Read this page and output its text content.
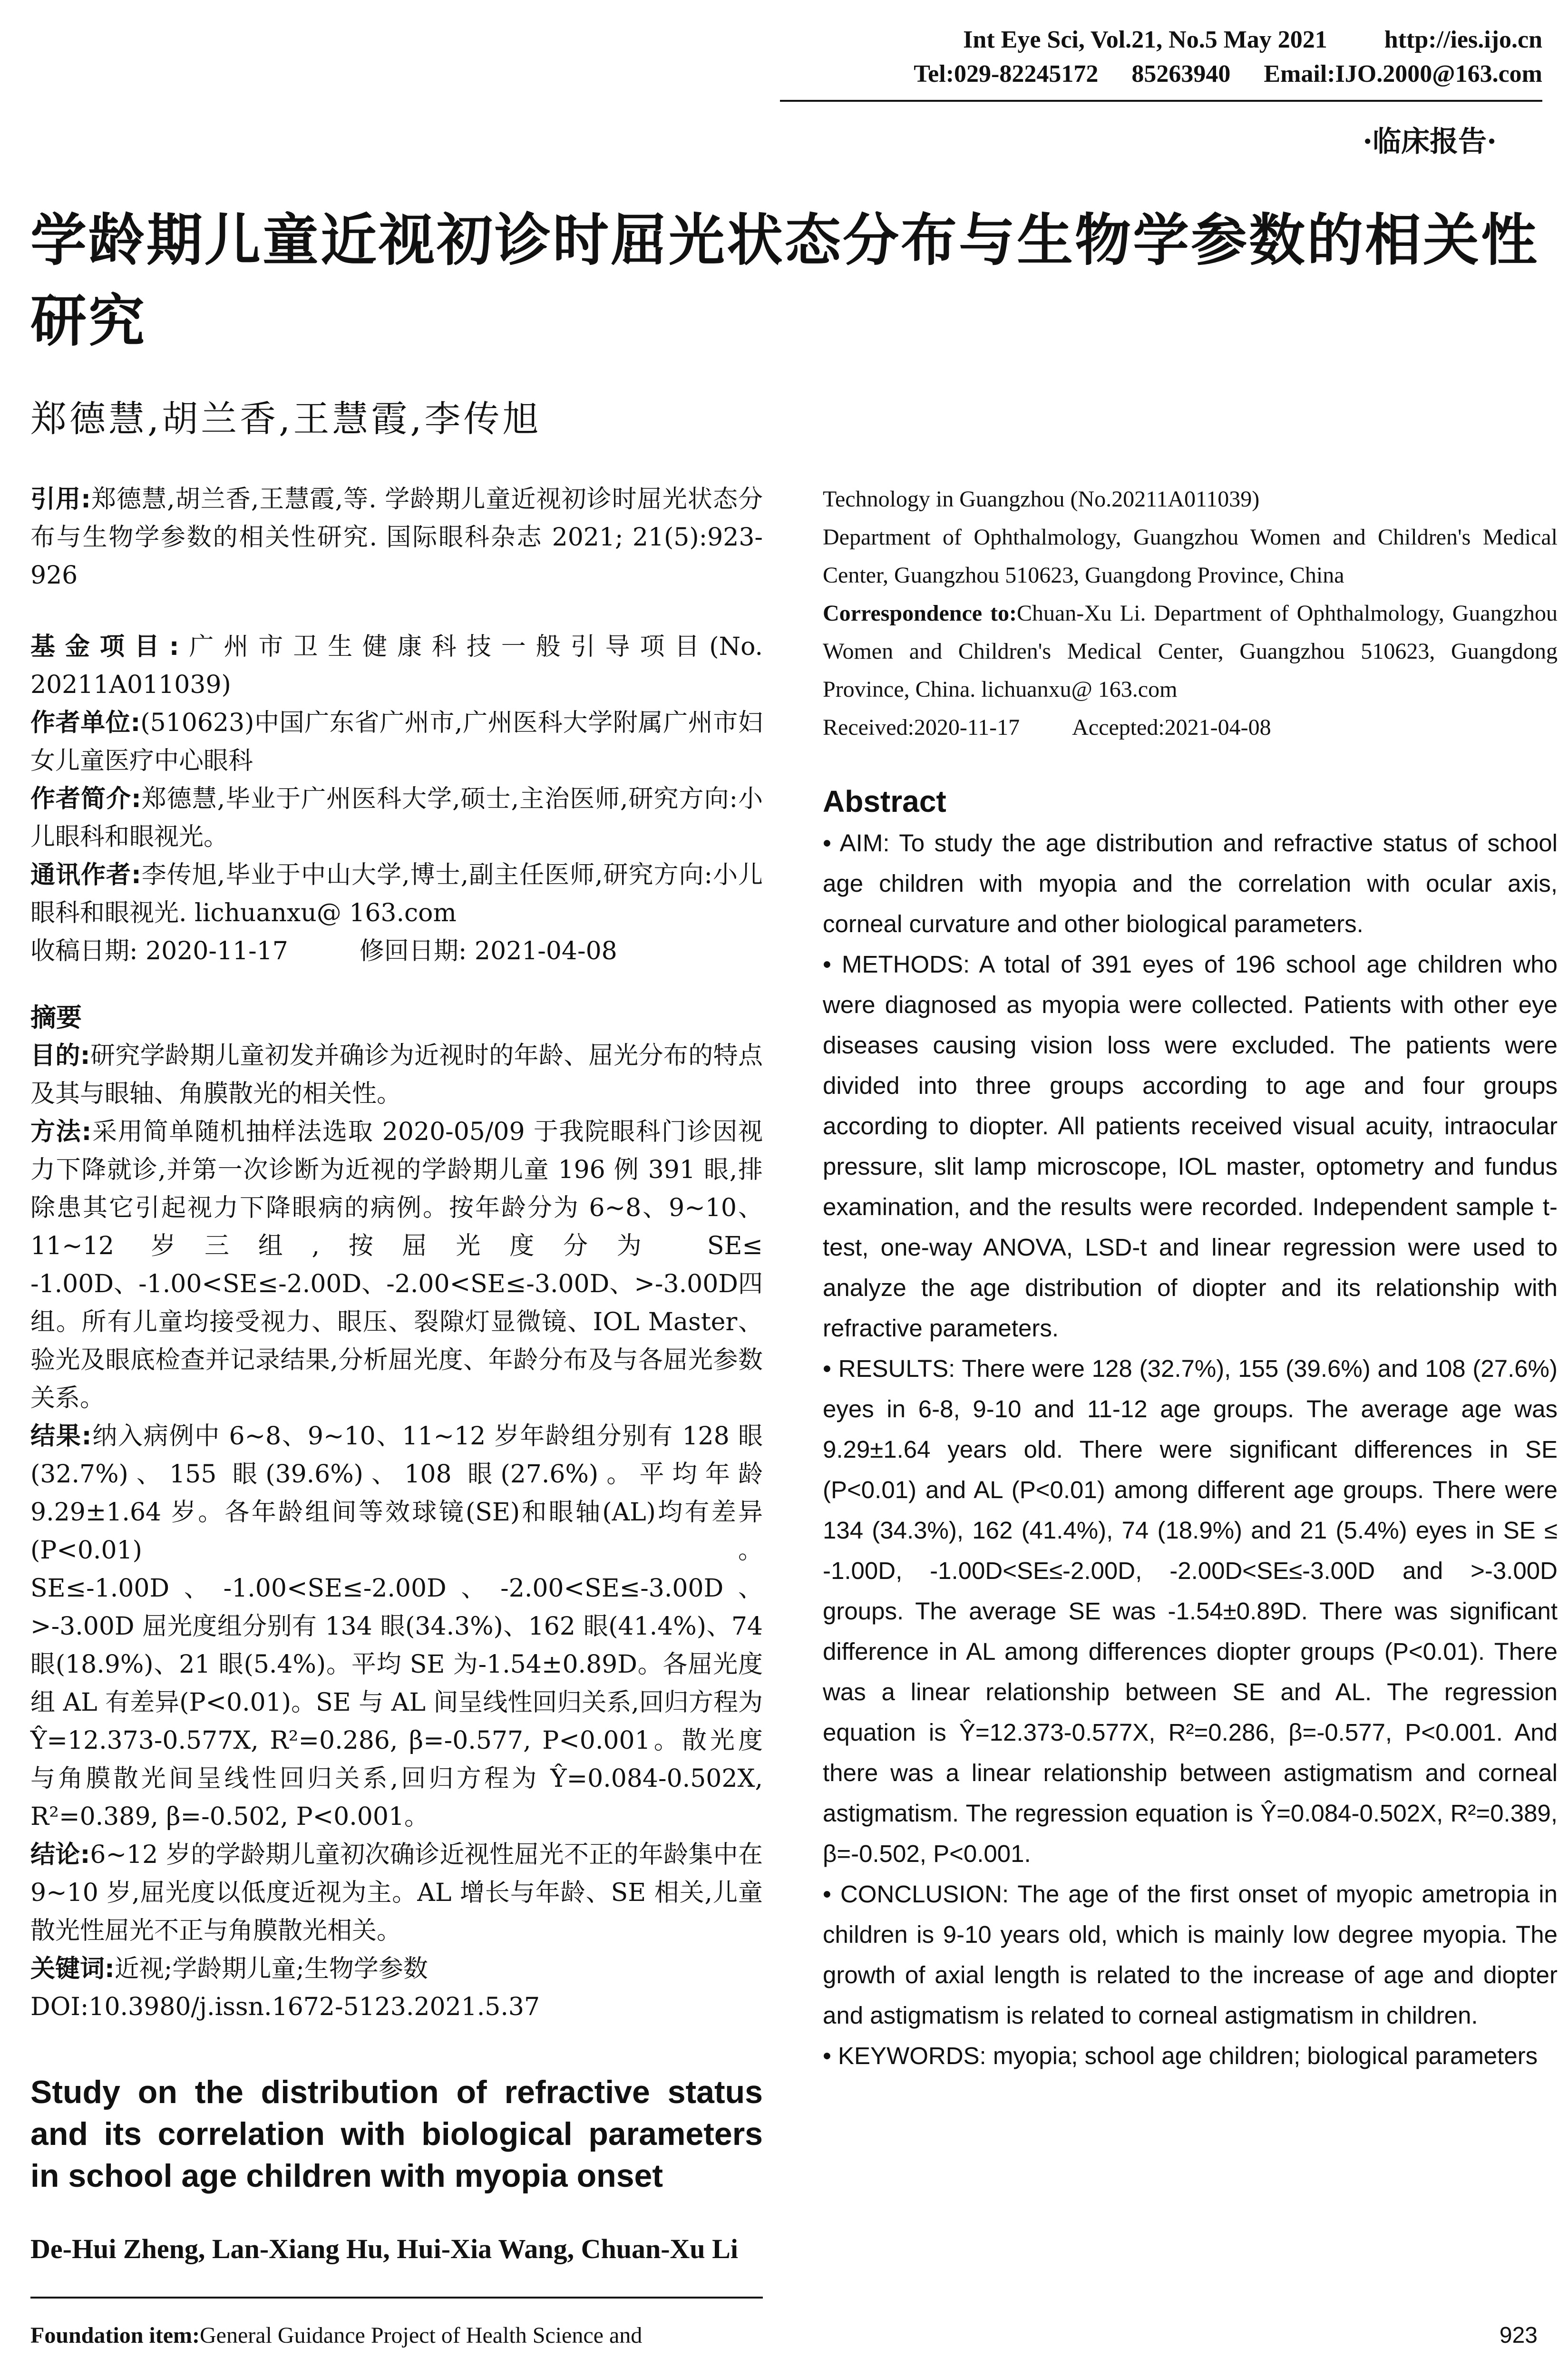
Int Eye Sci, Vol.21, No.5 May 2021 http://ies.ijo.cn
Tel:029-82245172 85263940 Email:IJO.2000@163.com
·临床报告·
学龄期儿童近视初诊时屈光状态分布与生物学参数的相关性研究
郑德慧,胡兰香,王慧霞,李传旭

引用:郑德慧,胡兰香,王慧霞,等. 学龄期儿童近视初诊时屈光状态分布与生物学参数的相关性研究. 国际眼科杂志 2021; 21(5):923-926

基金项目:广州市卫生健康科技一般引导项目(No. 20211A011039)

作者单位:(510623)中国广东省广州市,广州医科大学附属广州市妇女儿童医疗中心眼科

作者简介:郑德慧,毕业于广州医科大学,硕士,主治医师,研究方向:小儿眼科和眼视光。

通讯作者:李传旭,毕业于中山大学,博士,副主任医师,研究方向:小儿眼科和眼视光. lichuanxu@ 163.com

收稿日期: 2020-11-17	修回日期: 2021-04-08

摘要

目的:研究学龄期儿童初发并确诊为近视时的年龄、屈光分布的特点及其与眼轴、角膜散光的相关性。

方法:采用简单随机抽样法选取 2020-05/09 于我院眼科门诊因视力下降就诊,并第一次诊断为近视的学龄期儿童 196 例 391 眼,排除患其它引起视力下降眼病的病例。按年龄分为 6~8、9~10、11~12 岁三组,按屈光度分为 SE≤ -1.00D、-1.00<SE≤-2.00D、-2.00<SE≤-3.00D、>-3.00D四组。所有儿童均接受视力、眼压、裂隙灯显微镜、IOL Master、验光及眼底检查并记录结果,分析屈光度、年龄分布及与各屈光参数关系。

结果:纳入病例中 6~8、9~10、11~12 岁年龄组分别有 128 眼(32.7%)、155 眼(39.6%)、108 眼(27.6%)。平均年龄 9.29±1.64 岁。各年龄组间等效球镜(SE)和眼轴(AL)均有差异(P<0.01)。SE≤-1.00D、-1.00<SE≤-2.00D、-2.00<SE≤-3.00D、>-3.00D 屈光度组分别有 134 眼(34.3%)、162 眼(41.4%)、74 眼(18.9%)、21 眼(5.4%)。平均 SE 为-1.54±0.89D。各屈光度组 AL 有差异(P<0.01)。SE 与 AL 间呈线性回归关系,回归方程为 Ŷ=12.373-0.577X, R²=0.286, β=-0.577, P<0.001。散光度与角膜散光间呈线性回归关系,回归方程为 Ŷ=0.084-0.502X, R²=0.389, β=-0.502, P<0.001。

结论:6~12 岁的学龄期儿童初次确诊近视性屈光不正的年龄集中在 9~10 岁,屈光度以低度近视为主。AL 增长与年龄、SE 相关,儿童散光性屈光不正与角膜散光相关。

关键词:近视;学龄期儿童;生物学参数

DOI:10.3980/j.issn.1672-5123.2021.5.37

Study on the distribution of refractive status and its correlation with biological parameters in school age children with myopia onset
De-Hui Zheng, Lan-Xiang Hu, Hui-Xia Wang, Chuan-Xu Li

Foundation item:General Guidance Project of Health Science and

Technology in Guangzhou (No.20211A011039)

Department of Ophthalmology, Guangzhou Women and Children's Medical Center, Guangzhou 510623, Guangdong Province, China

Correspondence to:Chuan-Xu Li. Department of Ophthalmology, Guangzhou Women and Children's Medical Center, Guangzhou 510623, Guangdong Province, China. lichuanxu@ 163.com

Received:2020-11-17 Accepted:2021-04-08

Abstract

• AIM: To study the age distribution and refractive status of school age children with myopia and the correlation with ocular axis, corneal curvature and other biological parameters.

• METHODS: A total of 391 eyes of 196 school age children who were diagnosed as myopia were collected. Patients with other eye diseases causing vision loss were excluded. The patients were divided into three groups according to age and four groups according to diopter. All patients received visual acuity, intraocular pressure, slit lamp microscope, IOL master, optometry and fundus examination, and the results were recorded. Independent sample t-test, one-way ANOVA, LSD-t and linear regression were used to analyze the age distribution of diopter and its relationship with refractive parameters.

• RESULTS: There were 128 (32.7%), 155 (39.6%) and 108 (27.6%) eyes in 6-8, 9-10 and 11-12 age groups. The average age was 9.29±1.64 years old. There were significant differences in SE (P<0.01) and AL (P<0.01) among different age groups. There were 134 (34.3%), 162 (41.4%), 74 (18.9%) and 21 (5.4%) eyes in SE ≤ -1.00D, -1.00D<SE≤-2.00D, -2.00D<SE≤-3.00D and >-3.00D groups. The average SE was -1.54±0.89D. There was significant difference in AL among differences diopter groups (P<0.01). There was a linear relationship between SE and AL. The regression equation is Ŷ=12.373-0.577X, R²=0.286, β=-0.577, P<0.001. And there was a linear relationship between astigmatism and corneal astigmatism. The regression equation is Ŷ=0.084-0.502X, R²=0.389, β=-0.502, P<0.001.

• CONCLUSION: The age of the first onset of myopic ametropia in children is 9-10 years old, which is mainly low degree myopia. The growth of axial length is related to the increase of age and diopter and astigmatism is related to corneal astigmatism in children.

• KEYWORDS: myopia; school age children; biological parameters

923
